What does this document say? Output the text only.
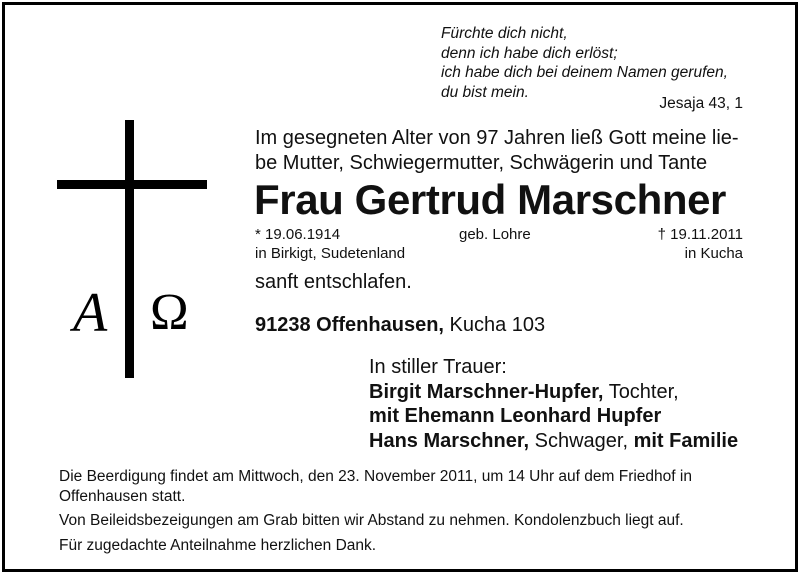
Fürchte dich nicht,
denn ich habe dich erlöst;
ich habe dich bei deinem Namen gerufen,
du bist mein.
Jesaja 43, 1
A Ω
Im gesegneten Alter von 97 Jahren ließ Gott meine lie-
be Mutter, Schwiegermutter, Schwägerin und Tante
Frau Gertrud Marschner
* 19.06.1914
in Birkigt, Sudetenland
geb. Lohre	† 19.11.2011
in Kucha
sanft entschlafen.
91238 Offenhausen, Kucha 103
In stiller Trauer:
Birgit Marschner-Hupfer, Tochter,
mit Ehemann Leonhard Hupfer
Hans Marschner, Schwager, mit Familie

Die Beerdigung findet am Mittwoch, den 23. November 2011, um 14 Uhr auf dem Friedhof in Offenhausen statt.

Von Beileidsbezeigungen am Grab bitten wir Abstand zu nehmen. Kondolenzbuch liegt auf.

Für zugedachte Anteilnahme herzlichen Dank.
